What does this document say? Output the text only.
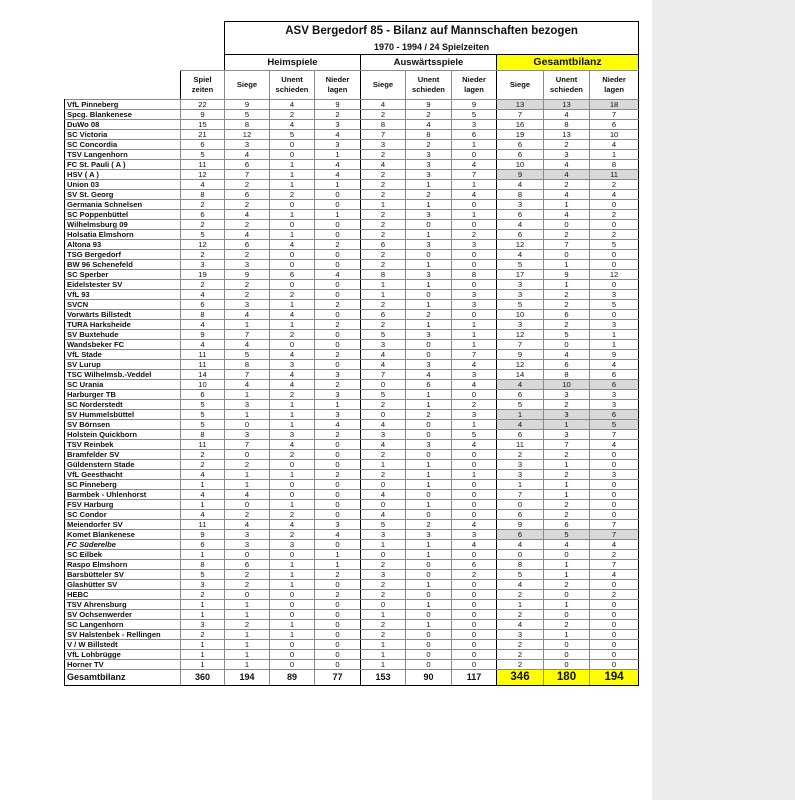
		ASV Bergedorf 85 - Bilanz auf Mannschaften bezogen								
		1970 - 1994 / 24 Spielzeiten								
		Heimspiele			Auswärtsspiele			Gesamtbilanz		
	Spiel zeiten	Siege	Unent schieden	Nieder lagen	Siege	Unent schieden	Nieder lagen	Siege	Unent schieden	Nieder lagen
VfL Pinneberg	22	9	4	9	4	9	9	13	13	18
Spcg. Blankenese	9	5	2	2	2	2	5	7	4	7
DuWo 08	15	8	4	3	8	4	3	16	8	6
SC Victoria	21	12	5	4	7	8	6	19	13	10
SC Concordia	6	3	0	3	3	2	1	6	2	4
TSV Langenhorn	5	4	0	1	2	3	0	6	3	1
FC St. Pauli ( A )	11	6	1	4	4	3	4	10	4	8
HSV ( A )	12	7	1	4	2	3	7	9	4	11
Union 03	4	2	1	1	2	1	1	4	2	2
SV St. Georg	8	6	2	0	2	2	4	8	4	4
Germania Schnelsen	2	2	0	0	1	1	0	3	1	0
SC Poppenbüttel	6	4	1	1	2	3	1	6	4	2
Wilhelmsburg 09	2	2	0	0	2	0	0	4	0	0
Holsatia Elmshorn	5	4	1	0	2	1	2	6	2	2
Altona 93	12	6	4	2	6	3	3	12	7	5
TSG Bergedorf	2	2	0	0	2	0	0	4	0	0
BW 96 Schenefeld	3	3	0	0	2	1	0	5	1	0
SC Sperber	19	9	6	4	8	3	8	17	9	12
Eidelstester SV	2	2	0	0	1	1	0	3	1	0
VfL 93	4	2	2	0	1	0	3	3	2	3
SVCN	6	3	1	2	2	1	3	5	2	5
Vorwärts Billstedt	8	4	4	0	6	2	0	10	6	0
TURA Harksheide	4	1	1	2	2	1	1	3	2	3
SV Buxtehude	9	7	2	0	5	3	1	12	5	1
Wandsbeker FC	4	4	0	0	3	0	1	7	0	1
VfL Stade	11	5	4	2	4	0	7	9	4	9
SV Lurup	11	8	3	0	4	3	4	12	6	4
TSC Wilhelmsb.-Veddel	14	7	4	3	7	4	3	14	8	6
SC Urania	10	4	4	2	0	6	4	4	10	6
Harburger TB	6	1	2	3	5	1	0	6	3	3
SC Norderstedt	5	3	1	1	2	1	2	5	2	3
SV Hummelsbüttel	5	1	1	3	0	2	3	1	3	6
SV Börnsen	5	0	1	4	4	0	1	4	1	5
Holstein Quickborn	8	3	3	2	3	0	5	6	3	7
TSV Reinbek	11	7	4	0	4	3	4	11	7	4
Bramfelder SV	2	0	2	0	2	0	0	2	2	0
Güldenstern Stade	2	2	0	0	1	1	0	3	1	0
VfL Geesthacht	4	1	1	2	2	1	1	3	2	3
SC Pinneberg	1	1	0	0	0	1	0	1	1	0
Barmbek - Uhlenhorst	4	4	0	0	4	0	0	7	1	0
FSV Harburg	1	0	1	0	0	1	0	0	2	0
SC Condor	4	2	2	0	4	0	0	6	2	0
Meiendorfer SV	11	4	4	3	5	2	4	9	6	7
Komet Blankenese	9	3	2	4	3	3	3	6	5	7
FC Süderelbe	6	3	3	0	1	1	4	4	4	4
SC Eilbek	1	0	0	1	0	1	0	0	0	2
Raspo Elmshorn	8	6	1	1	2	0	6	8	1	7
Barsbütteler SV	5	2	1	2	3	0	2	5	1	4
Glashütter SV	3	2	1	0	2	1	0	4	2	0
HEBC	2	0	0	2	2	0	0	2	0	2
TSV Ahrensburg	1	1	0	0	0	1	0	1	1	0
SV Ochsenwerder	1	1	0	0	1	0	0	2	0	0
SC Langenhorn	3	2	1	0	2	1	0	4	2	0
SV Halstenbek - Rellingen	2	1	1	0	2	0	0	3	1	0
V / W Billstedt	1	1	0	0	1	0	0	2	0	0
VfL Lohbrügge	1	1	0	0	1	0	0	2	0	0
Horner TV	1	1	0	0	1	0	0	2	0	0
Gesamtbilanz	360	194	89	77	153	90	117	346	180	194
